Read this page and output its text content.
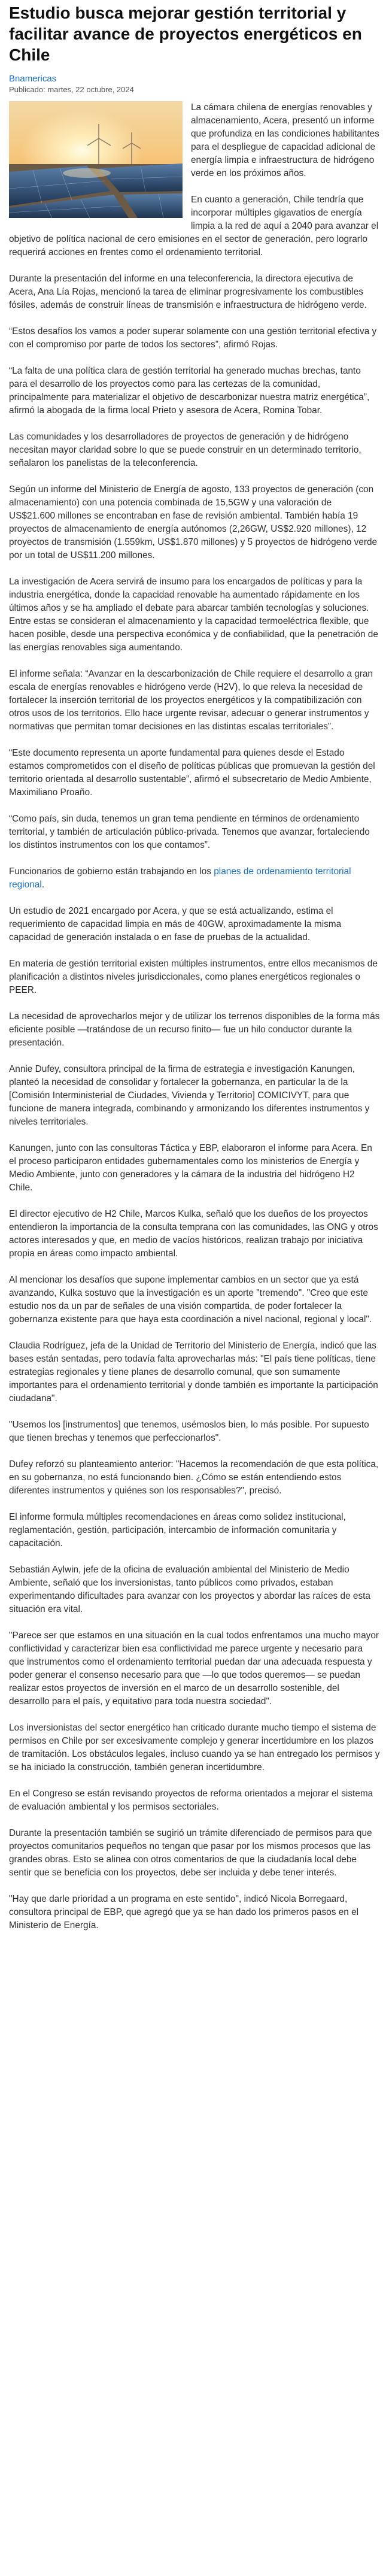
Estudio busca mejorar gestión territorial y facilitar avance de proyectos energéticos en Chile
Bnamericas
Publicado: martes, 22 octubre, 2024

La cámara chilena de energías renovables y almacenamiento, Acera, presentó un informe que profundiza en las condiciones habilitantes para el despliegue de capacidad adicional de energía limpia e infraestructura de hidrógeno verde en los próximos años.

En cuanto a generación, Chile tendría que incorporar múltiples gigavatios de energía limpia a la red de aquí a 2040 para avanzar el objetivo de política nacional de cero emisiones en el sector de generación, pero lograrlo requerirá acciones en frentes como el ordenamiento territorial.

Durante la presentación del informe en una teleconferencia, la directora ejecutiva de Acera, Ana Lía Rojas, mencionó la tarea de eliminar progresivamente los combustibles fósiles, además de construir líneas de transmisión e infraestructura de hidrógeno verde.

“Estos desafíos los vamos a poder superar solamente con una gestión territorial efectiva y con el compromiso por parte de todos los sectores”, afirmó Rojas.

“La falta de una política clara de gestión territorial ha generado muchas brechas, tanto para el desarrollo de los proyectos como para las certezas de la comunidad, principalmente para materializar el objetivo de descarbonizar nuestra matriz energética”, afirmó la abogada de la firma local Prieto y asesora de Acera, Romina Tobar.

Las comunidades y los desarrolladores de proyectos de generación y de hidrógeno necesitan mayor claridad sobre lo que se puede construir en un determinado territorio, señalaron los panelistas de la teleconferencia.

Según un informe del Ministerio de Energía de agosto, 133 proyectos de generación (con almacenamiento) con una potencia combinada de 15,5GW y una valoración de US$21.600 millones se encontraban en fase de revisión ambiental. También había 19 proyectos de almacenamiento de energía autónomos (2,26GW, US$2.920 millones), 12 proyectos de transmisión (1.559km, US$1.870 millones) y 5 proyectos de hidrógeno verde por un total de US$11.200 millones.

La investigación de Acera servirá de insumo para los encargados de políticas y para la industria energética, donde la capacidad renovable ha aumentado rápidamente en los últimos años y se ha ampliado el debate para abarcar también tecnologías y soluciones. Entre estas se consideran el almacenamiento y la capacidad termoeléctrica flexible, que hacen posible, desde una perspectiva económica y de confiabilidad, que la penetración de las energías renovables siga aumentando.

El informe señala: “Avanzar en la descarbonización de Chile requiere el desarrollo a gran escala de energías renovables e hidrógeno verde (H2V), lo que releva la necesidad de fortalecer la inserción territorial de los proyectos energéticos y la compatibilización con otros usos de los territorios. Ello hace urgente revisar, adecuar o generar instrumentos y normativas que permitan tomar decisiones en las distintas escalas territoriales”.

“Este documento representa un aporte fundamental para quienes desde el Estado estamos comprometidos con el diseño de políticas públicas que promuevan la gestión del territorio orientada al desarrollo sustentable”, afirmó el subsecretario de Medio Ambiente, Maximiliano Proaño.

“Como país, sin duda, tenemos un gran tema pendiente en términos de ordenamiento territorial, y también de articulación público-privada. Tenemos que avanzar, fortaleciendo los distintos instrumentos con los que contamos”.

Funcionarios de gobierno están trabajando en los planes de ordenamiento territorial regional.

Un estudio de 2021 encargado por Acera, y que se está actualizando, estima el requerimiento de capacidad limpia en más de 40GW, aproximadamente la misma capacidad de generación instalada o en fase de pruebas de la actualidad.

En materia de gestión territorial existen múltiples instrumentos, entre ellos mecanismos de planificación a distintos niveles jurisdiccionales, como planes energéticos regionales o PEER.

La necesidad de aprovecharlos mejor y de utilizar los terrenos disponibles de la forma más eficiente posible —tratándose de un recurso finito— fue un hilo conductor durante la presentación.

Annie Dufey, consultora principal de la firma de estrategia e investigación Kanungen, planteó la necesidad de consolidar y fortalecer la gobernanza, en particular la de la [Comisión Interministerial de Ciudades, Vivienda y Territorio] COMICIVYT, para que funcione de manera integrada, combinando y armonizando los diferentes instrumentos y niveles territoriales.

Kanungen, junto con las consultoras Táctica y EBP, elaboraron el informe para Acera. En el proceso participaron entidades gubernamentales como los ministerios de Energía y Medio Ambiente, junto con generadores y la cámara de la industria del hidrógeno H2 Chile.

El director ejecutivo de H2 Chile, Marcos Kulka, señaló que los dueños de los proyectos entendieron la importancia de la consulta temprana con las comunidades, las ONG y otros actores interesados y que, en medio de vacíos históricos, realizan trabajo por iniciativa propia en áreas como impacto ambiental.

Al mencionar los desafíos que supone implementar cambios en un sector que ya está avanzando, Kulka sostuvo que la investigación es un aporte "tremendo". "Creo que este estudio nos da un par de señales de una visión compartida, de poder fortalecer la gobernanza existente para que haya esta coordinación a nivel nacional, regional y local".

Claudia Rodríguez, jefa de la Unidad de Territorio del Ministerio de Energía, indicó que las bases están sentadas, pero todavía falta aprovecharlas más: "El país tiene políticas, tiene estrategias regionales y tiene planes de desarrollo comunal, que son sumamente importantes para el ordenamiento territorial y donde también es importante la participación ciudadana".

"Usemos los [instrumentos] que tenemos, usémoslos bien, lo más posible. Por supuesto que tienen brechas y tenemos que perfeccionarlos".

Dufey reforzó su planteamiento anterior: "Hacemos la recomendación de que esta política, en su gobernanza, no está funcionando bien. ¿Cómo se están entendiendo estos diferentes instrumentos y quiénes son los responsables?", precisó.

El informe formula múltiples recomendaciones en áreas como solidez institucional, reglamentación, gestión, participación, intercambio de información comunitaria y capacitación.

Sebastián Aylwin, jefe de la oficina de evaluación ambiental del Ministerio de Medio Ambiente, señaló que los inversionistas, tanto públicos como privados, estaban experimentando dificultades para avanzar con los proyectos y abordar las raíces de esta situación era vital.

"Parece ser que estamos en una situación en la cual todos enfrentamos una mucho mayor conflictividad y caracterizar bien esa conflictividad me parece urgente y necesario para que instrumentos como el ordenamiento territorial puedan dar una adecuada respuesta y poder generar el consenso necesario para que —lo que todos queremos— se puedan realizar estos proyectos de inversión en el marco de un desarrollo sostenible, del desarrollo para el país, y equitativo para toda nuestra sociedad".

Los inversionistas del sector energético han criticado durante mucho tiempo el sistema de permisos en Chile por ser excesivamente complejo y generar incertidumbre en los plazos de tramitación. Los obstáculos legales, incluso cuando ya se han entregado los permisos y se ha iniciado la construcción, también generan incertidumbre.

En el Congreso se están revisando proyectos de reforma orientados a mejorar el sistema de evaluación ambiental y los permisos sectoriales.

Durante la presentación también se sugirió un trámite diferenciado de permisos para que proyectos comunitarios pequeños no tengan que pasar por los mismos procesos que las grandes obras. Esto se alinea con otros comentarios de que la ciudadanía local debe sentir que se beneficia con los proyectos, debe ser incluida y debe tener interés.

"Hay que darle prioridad a un programa en este sentido", indicó Nicola Borregaard, consultora principal de EBP, que agregó que ya se han dado los primeros pasos en el Ministerio de Energía.
